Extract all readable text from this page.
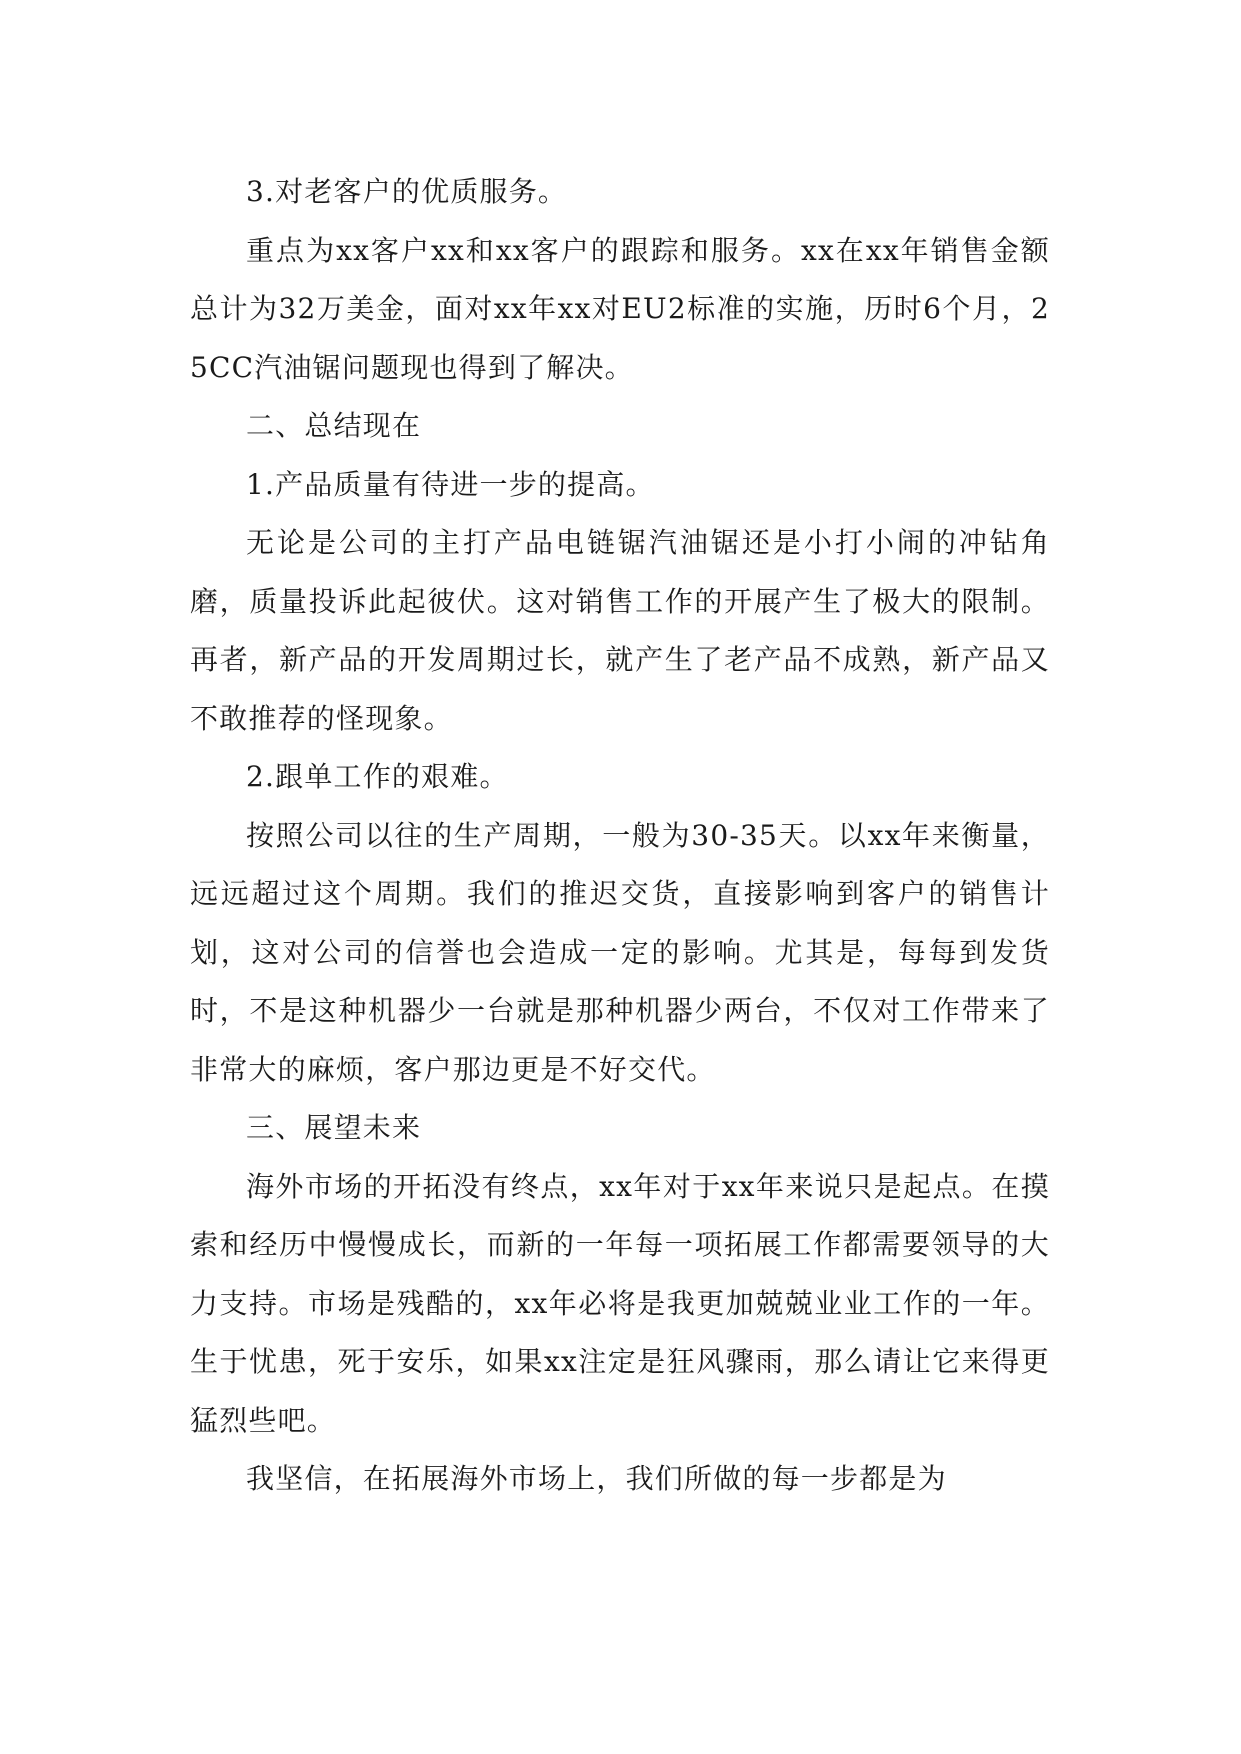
3.对老客户的优质服务。

重点为xx客户xx和xx客户的跟踪和服务。xx在xx年销售金额总计为32万美金，面对xx年xx对EU2标准的实施，历时6个月，25CC汽油锯问题现也得到了解决。

二、总结现在

1.产品质量有待进一步的提高。

无论是公司的主打产品电链锯汽油锯还是小打小闹的冲钻角磨，质量投诉此起彼伏。这对销售工作的开展产生了极大的限制。再者，新产品的开发周期过长，就产生了老产品不成熟，新产品又不敢推荐的怪现象。

2.跟单工作的艰难。

按照公司以往的生产周期，一般为30-35天。以xx年来衡量，远远超过这个周期。我们的推迟交货，直接影响到客户的销售计划，这对公司的信誉也会造成一定的影响。尤其是，每每到发货时，不是这种机器少一台就是那种机器少两台，不仅对工作带来了非常大的麻烦，客户那边更是不好交代。

三、展望未来

海外市场的开拓没有终点，xx年对于xx年来说只是起点。在摸索和经历中慢慢成长，而新的一年每一项拓展工作都需要领导的大力支持。市场是残酷的，xx年必将是我更加兢兢业业工作的一年。生于忧患，死于安乐，如果xx注定是狂风骤雨，那么请让它来得更猛烈些吧。

我坚信，在拓展海外市场上，我们所做的每一步都是为
